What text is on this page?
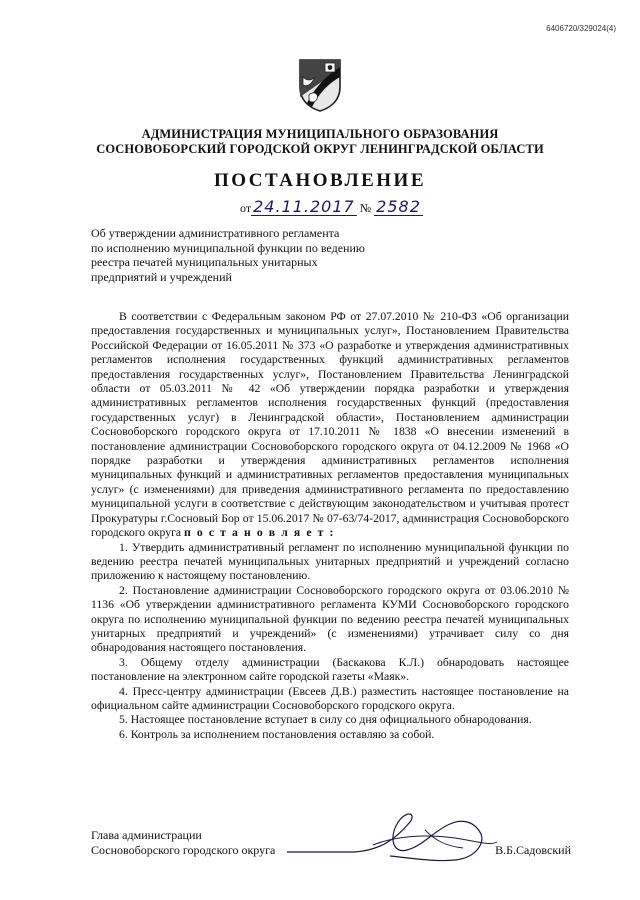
6406720/329024(4)
АДМИНИСТРАЦИЯ МУНИЦИПАЛЬНОГО ОБРАЗОВАНИЯ
СОСНОВОБОРСКИЙ ГОРОДСКОЙ ОКРУГ ЛЕНИНГРАДСКОЙ ОБЛАСТИ
ПОСТАНОВЛЕНИЕ
от 24.11.2017 № 2582
Об утверждении административного регламента
по исполнению муниципальной функции по ведению
реестра печатей муниципальных унитарных
предприятий и учреждений

В соответствии с Федеральным законом РФ от 27.07.2010 № 210-ФЗ «Об организации предоставления государственных и муниципальных услуг», Постановлением Правительства Российской Федерации от 16.05.2011 № 373 «О разработке и утверждения административных регламентов исполнения государственных функций административных регламентов предоставления государственных услуг», Постановлением Правительства Ленинградской области от 05.03.2011 № 42 «Об утверждении порядка разработки и утверждения административных регламентов исполнения государственных функций (предоставления государственных услуг) в Ленинградской области», Постановлением администрации Сосновоборского городского округа от 17.10.2011 № 1838 «О внесении изменений в постановление администрации Сосновоборского городского округа от 04.12.2009 № 1968 «О порядке разработки и утверждения административных регламентов исполнения муниципальных функций и административных регламентов предоставления муниципальных услуг» (с изменениями) для приведения административного регламента по предоставлению муниципальной услуги в соответствие с действующим законодательством и учитывая протест Прокуратуры г.Сосновый Бор от 15.06.2017 № 07-63/74-2017, администрация Сосновоборского городского округа п о с т а н о в л я е т :

1. Утвердить административный регламент по исполнению муниципальной функции по ведению реестра печатей муниципальных унитарных предприятий и учреждений согласно приложению к настоящему постановлению.

2. Постановление администрации Сосновоборского городского округа от 03.06.2010 № 1136 «Об утверждении административного регламента КУМИ Сосновоборского городского округа по исполнению муниципальной функции по ведению реестра печатей муниципальных унитарных предприятий и учреждений» (с изменениями) утрачивает силу со дня обнародования настоящего постановления.

3. Общему отделу администрации (Баскакова К.Л.) обнародовать настоящее постановление на электронном сайте городской газеты «Маяк».

4. Пресс-центру администрации (Евсеев Д.В.) разместить настоящее постановление на официальном сайте администрации Сосновоборского городского округа.

5. Настоящее постановление вступает в силу со дня официального обнародования.

6. Контроль за исполнением постановления оставляю за собой.

Глава администрации
Сосновоборского городского округа	В.Б.Садовский
